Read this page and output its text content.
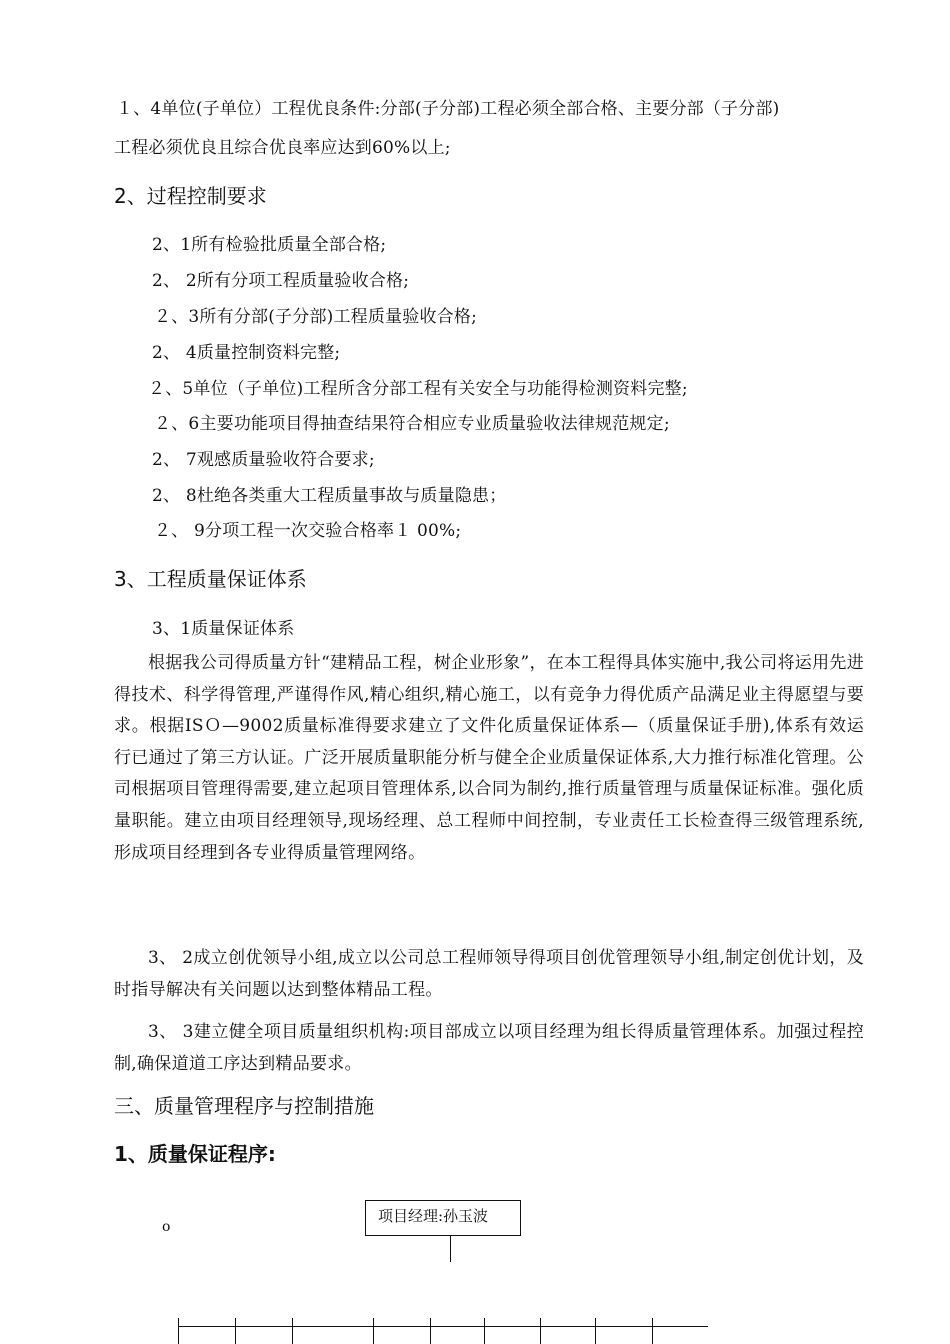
１、4单位(子单位）工程优良条件:分部(子分部)工程必须全部合格、主要分部（子分部)
工程必须优良且综合优良率应达到60%以上;
2、过程控制要求
2、1所有检验批质量全部合格;
2、 2所有分项工程质量验收合格;
２、3所有分部(子分部)工程质量验收合格;
2、 4质量控制资料完整;
２、5单位（子单位)工程所含分部工程有关安全与功能得检测资料完整;
２、6主要功能项目得抽查结果符合相应专业质量验收法律规范规定;
2、 7观感质量验收符合要求;
2、 8杜绝各类重大工程质量事故与质量隐患；
２、 9分项工程一次交验合格率１ 00%;
3、工程质量保证体系
3、1质量保证体系
根据我公司得质量方针“建精品工程，树企业形象”，在本工程得具体实施中,我公司将运用先进得技术、科学得管理,严谨得作风,精心组织,精心施工，以有竞争力得优质产品满足业主得愿望与要求。根据ISＯ—9002质量标准得要求建立了文件化质量保证体系—（质量保证手册),体系有效运行已通过了第三方认证。广泛开展质量职能分析与健全企业质量保证体系,大力推行标准化管理。公司根据项目管理得需要,建立起项目管理体系,以合同为制约,推行质量管理与质量保证标准。强化质量职能。建立由项目经理领导,现场经理、总工程师中间控制，专业责任工长检查得三级管理系统,形成项目经理到各专业得质量管理网络。
3、 2成立创优领导小组,成立以公司总工程师领导得项目创优管理领导小组,制定创优计划，及时指导解决有关问题以达到整体精品工程。
3、 3建立健全项目质量组织机构:项目部成立以项目经理为组长得质量管理体系。加强过程控制,确保道道工序达到精品要求。
三、质量管理程序与控制措施
1、质量保证程序:
o
项目经理:孙玉波
